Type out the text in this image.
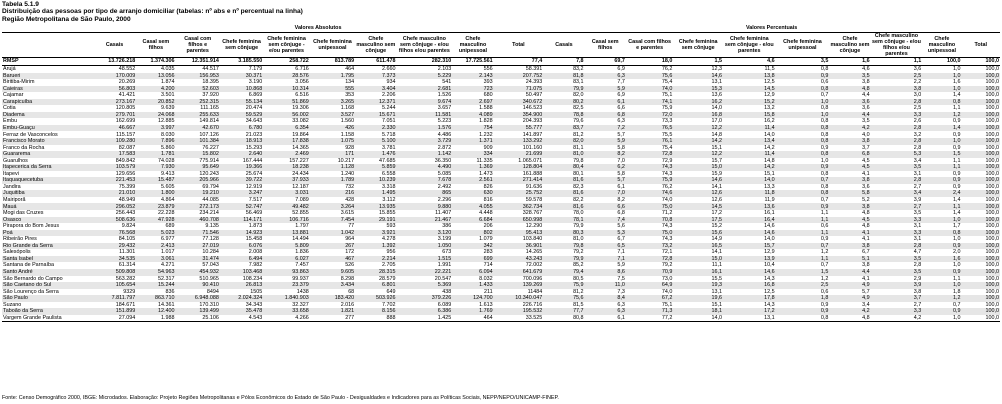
Tabela 5.1.9
Distribuição das pessoas por tipo de arranjo domiciliar (tabelas: nº abs e nº percentual na linha)
Região Metropolitana de São Paulo, 2000
	Valores Absolutos										Valores Percentuais									
	Casais	Casal sem filhos	Casal com filhos e parentes	Chefe feminina sem cônjuge	Chefe feminina sem cônjuge - e/ou parentes	Chefe feminina unipessoal	Chefe masculino sem cônjuge	Chefe masculino sem cônjuge - e/ou filhos e/ou parentes	Chefe masculino unipessoal	Total	Casais	Casal sem filhos	Casal com filhos e parentes	Chefe feminina sem cônjuge	Chefe feminina sem cônjuge - e/ou parentes	Chefe feminina unipessoal	Chefe masculino sem cônjuge	Chefe masculino sem cônjuge - e/ou filhos e/ou parentes	Chefe masculino unipessoal	Total
RMSP	13.726.218	1.374.306	12.351.914	3.185.550	258.722	813.789	611.478	282.310	17.725.561	77,4	7,8	69,7	18,0	1,5	4,6	3,5	1,6	1,1	100,0	100,0
Arujá	48.552	4.035	44.517	7.179	6.716	464	2.660	2.103	556	58.391	83,2	6,9	76,2	12,3	11,5	0,8	4,6	3,6	1,0	100,0
Barueri	170.009	13.056	156.953	30.371	28.576	1.795	7.373	5.229	2.143	207.752	81,8	6,3	75,6	14,6	13,8	0,9	3,5	2,5	1,0	100,0
Biritiba-Mirim	20.269	1.874	18.395	3.190	3.056	134	934	541	393	24.393	83,1	7,7	75,4	13,1	12,5	0,6	3,8	2,2	1,6	100,0
Caieiras	56.803	4.200	52.603	10.868	10.314	555	3.404	2.681	723	71.075	79,9	5,9	74,0	15,3	14,5	0,8	4,8	3,8	1,0	100,0
Cajamar	41.421	3.501	37.920	6.869	6.516	353	2.206	1.526	680	50.497	82,0	6,9	75,1	13,6	12,9	0,7	4,4	3,0	1,4	100,0
Carapicuíba	273.167	20.852	252.315	55.134	51.869	3.265	12.371	9.674	2.697	340.672	80,2	6,1	74,1	16,2	15,2	1,0	3,6	2,8	0,8	100,0
Cotia	120.805	9.639	111.165	20.474	19.306	1.168	5.244	3.657	1.588	146.523	82,5	6,6	75,9	14,0	13,2	0,8	3,6	2,5	1,1	100,0
Diadema	279.701	24.068	255.633	59.529	56.002	3.527	15.671	11.581	4.089	354.900	78,8	6,8	72,0	16,8	15,8	1,0	4,4	3,3	1,2	100,0
Embu	162.699	12.885	149.814	34.643	33.082	1.560	7.051	5.223	1.828	204.393	79,6	6,3	73,3	17,0	16,2	0,8	3,5	2,6	0,9	100,0
Embu-Guaçu	46.667	3.997	42.670	6.780	6.354	426	2.330	1.576	754	55.777	83,7	7,2	76,5	12,2	11,4	0,8	4,2	2,8	1,4	100,0
Ferraz de Vasconcelos	115.157	8.030	107.126	21.023	19.864	1.158	5.718	4.486	1.232	141.897	81,2	5,7	75,5	14,8	14,0	0,8	4,0	3,2	0,9	100,0
Francisco Morato	109.280	7.896	101.384	18.913	17.838	1.075	5.100	3.729	1.371	133.292	82,0	5,9	76,1	14,2	13,4	0,8	3,8	2,8	1,0	100,0
Franco da Rocha	82.087	5.860	76.227	15.293	14.365	928	3.781	2.872	909	101.160	81,1	5,8	75,4	15,1	14,2	0,9	3,7	2,8	0,9	100,0
Guararema	17.583	1.781	15.802	2.640	2.469	171	1.476	1.142	334	21.699	81,0	8,2	72,8	12,2	11,4	0,8	6,8	5,3	1,5	100,0
Guarulhos	849.842	74.028	775.914	167.444	157.227	10.217	47.685	36.350	11.335	1.065.071	79,8	7,0	72,9	15,7	14,8	1,0	4,5	3,4	1,1	100,0
Itapecerica da Serra	103.579	7.930	95.649	19.366	18.238	1.128	5.859	4.490	1.369	128.804	80,4	6,2	74,3	15,0	14,2	0,9	4,5	3,5	1,1	100,0
Itapevi	129.656	9.413	120.243	25.674	24.434	1.240	6.558	5.085	1.473	161.888	80,1	5,8	74,3	15,9	15,1	0,8	4,1	3,1	0,9	100,0
Itaquaquecetuba	221.453	15.487	205.966	39.722	37.933	1.789	10.239	7.678	2.561	271.414	81,6	5,7	75,9	14,6	14,0	0,7	3,8	2,8	0,9	100,0
Jandira	75.399	5.605	69.794	12.919	12.187	732	3.318	2.492	826	91.636	82,3	6,1	76,2	14,1	13,3	0,8	3,6	2,7	0,9	100,0
Juquitiba	21.010	1.800	19.210	3.247	3.031	216	1.495	865	630	25.752	81,6	7,0	74,6	12,6	11,8	0,8	5,8	3,4	2,4	100,0
Mairiporã	48.949	4.864	44.085	7.517	7.089	428	3.112	2.296	816	59.578	82,2	8,2	74,0	12,6	11,9	0,7	5,2	3,9	1,4	100,0
Mauá	296.052	23.879	272.173	52.747	49.482	3.264	13.935	9.880	4.055	362.734	81,6	6,6	75,0	14,5	13,6	0,9	3,8	2,7	1,1	100,0
Mogi das Cruzes	256.443	22.228	234.214	56.469	52.855	3.615	15.855	11.407	4.448	328.767	78,0	6,8	71,2	17,2	16,1	1,1	4,8	3,5	1,4	100,0
Osasco	508.636	47.928	460.708	114.171	106.716	7.454	29.191	21.467	6.684	650.998	78,1	7,4	70,8	17,5	16,4	1,1	4,5	3,3	1,0	100,0
Pirapora do Bom Jesus	9.824	689	9.135	1.873	1.797	77	593	386	206	12.290	79,9	5,6	74,3	15,2	14,6	0,6	4,8	3,1	1,7	100,0
Poá	76.568	5.023	71.546	14.923	13.881	1.042	3.921	3.120	802	95.413	80,3	5,3	75,0	15,6	14,6	1,1	4,1	3,3	0,8	100,0
Ribeirão Pires	84.105	6.977	77.128	15.458	14.494	964	4.278	3.199	1.079	103.840	81,0	6,7	74,3	14,9	14,0	0,9	4,1	3,1	1,0	100,0
Rio Grande da Serra	29.432	2.413	27.019	6.076	5.809	267	1.392	1.050	342	36.901	79,8	6,5	73,2	16,5	15,7	0,7	3,8	2,8	0,9	100,0
Salesópolis	11.301	1.017	10.284	2.008	1.836	172	956	673	283	14.265	79,2	7,1	72,1	14,1	12,9	1,2	6,7	4,7	2,0	100,0
Santa Isabel	34.535	3.061	31.474	6.494	6.027	467	2.214	1.515	699	43.243	79,9	7,1	72,8	15,0	13,9	1,1	5,1	3,5	1,6	100,0
Santana de Parnaíba	61.314	4.271	57.043	7.982	7.457	526	2.705	1.991	714	72.002	85,2	5,9	79,2	11,1	10,4	0,7	3,8	2,8	1,0	100,0
Santo André	509.808	54.963	454.932	103.468	93.863	9.605	28.315	22.221	6.094	641.679	79,4	8,6	70,9	16,1	14,6	1,5	4,4	3,5	0,9	100,0
São Bernardo do Campo	563.282	52.317	510.965	108.234	99.937	8.298	28.579	20.547	8.032	700.096	80,5	7,5	73,0	15,5	14,3	1,2	4,1	2,9	1,1	100,0
São Caetano do Sul	105.654	15.244	90.410	26.813	23.379	3.434	6.801	5.369	1.433	139.269	75,9	11,0	64,9	19,3	16,8	2,5	4,9	3,9	1,0	100,0
São Lourenço da Serra	9329	836	8494	1505	1438	68	649	438	211	11484	81,2	7,3	74,0	13,1	12,5	0,6	5,7	3,8	1,8	100,0
São Paulo	7.811.797	863.710	6.948.088	2.024.324	1.840.903	183.420	503.926	379.226	124.700	10.340.047	75,6	8,4	67,2	19,6	17,8	1,8	4,9	3,7	1,2	100,0
Suzano	184.671	14.361	170.310	34.343	32.327	2.016	7.702	6.089	1.613	226.716	81,5	6,3	75,1	15,1	14,3	0,9	3,4	2,7	0,7	100,0
Taboão da Serra	151.899	12.400	139.499	35.478	33.658	1.821	8.156	6.386	1.769	195.532	77,7	6,3	71,3	18,1	17,2	0,9	4,2	3,3	0,9	100,0
Vargem Grande Paulista	27.094	1.988	25.106	4.543	4.266	277	888	1.425	464	33.525	80,8	6,1	77,2	14,0	13,1	0,8	4,8	4,2	1,0	100,0
Fonte: Censo Demográfico 2000, IBGE: Microdados. Elaboração: Projeto Regiões Metropolitanas e Pólos Econômicos do Estado de São Paulo - Desigualdades e Indicadores para as Políticas Sociais, NEPP/NEPO/UNICAMP-FINEP.
